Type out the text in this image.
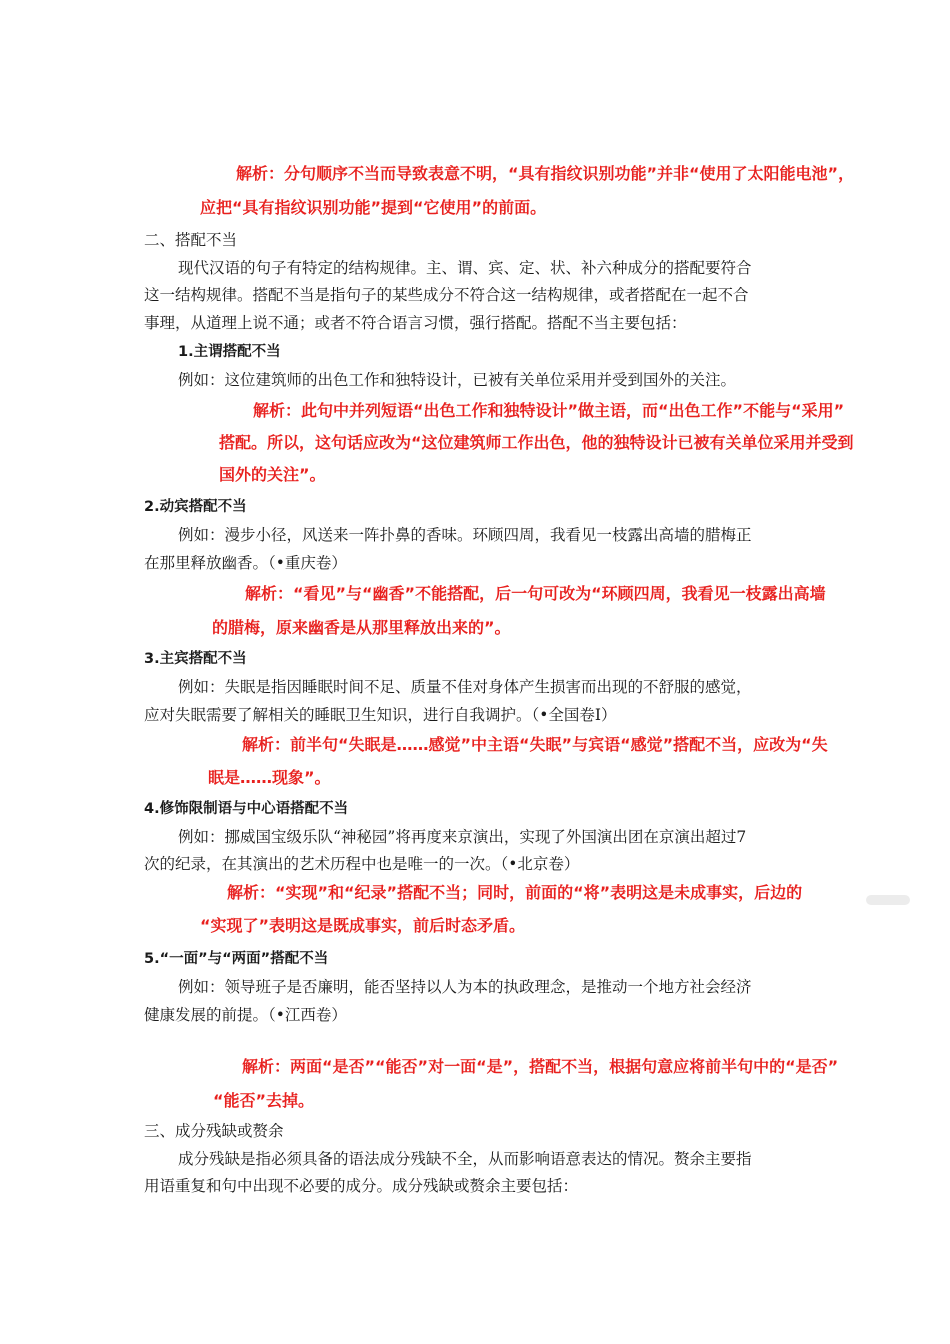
解析：分句顺序不当而导致表意不明，“具有指纹识别功能”并非“使用了太阳能电池”，
应把“具有指纹识别功能”提到“它使用”的前面。
二、搭配不当
现代汉语的句子有特定的结构规律。主、谓、宾、定、状、补六种成分的搭配要符合
这一结构规律。搭配不当是指句子的某些成分不符合这一结构规律，或者搭配在一起不合
事理，从道理上说不通；或者不符合语言习惯，强行搭配。搭配不当主要包括：
1.主谓搭配不当
例如：这位建筑师的出色工作和独特设计，已被有关单位采用并受到国外的关注。
解析：此句中并列短语“出色工作和独特设计”做主语，而“出色工作”不能与“采用”
搭配。所以，这句话应改为“这位建筑师工作出色，他的独特设计已被有关单位采用并受到
国外的关注”。
2.动宾搭配不当
例如：漫步小径，风送来一阵扑鼻的香味。环顾四周，我看见一枝露出高墙的腊梅正
在那里释放幽香。（•重庆卷）
解析：“看见”与“幽香”不能搭配，后一句可改为“环顾四周，我看见一枝露出高墙
的腊梅，原来幽香是从那里释放出来的”。
3.主宾搭配不当
例如：失眠是指因睡眠时间不足、质量不佳对身体产生损害而出现的不舒服的感觉，
应对失眠需要了解相关的睡眠卫生知识，进行自我调护。（•全国卷Ⅰ）
解析：前半句“失眠是……感觉”中主语“失眠”与宾语“感觉”搭配不当，应改为“失
眠是……现象”。
4.修饰限制语与中心语搭配不当
例如：挪威国宝级乐队“神秘园”将再度来京演出，实现了外国演出团在京演出超过7
次的纪录，在其演出的艺术历程中也是唯一的一次。（•北京卷）
解析：“实现”和“纪录”搭配不当；同时，前面的“将”表明这是未成事实，后边的
“实现了”表明这是既成事实，前后时态矛盾。
5.“一面”与“两面”搭配不当
例如：领导班子是否廉明，能否坚持以人为本的执政理念，是推动一个地方社会经济
健康发展的前提。（•江西卷）
解析：两面“是否”“能否”对一面“是”，搭配不当，根据句意应将前半句中的“是否”
“能否”去掉。
三、成分残缺或赘余
成分残缺是指必须具备的语法成分残缺不全，从而影响语意表达的情况。赘余主要指
用语重复和句中出现不必要的成分。成分残缺或赘余主要包括：
